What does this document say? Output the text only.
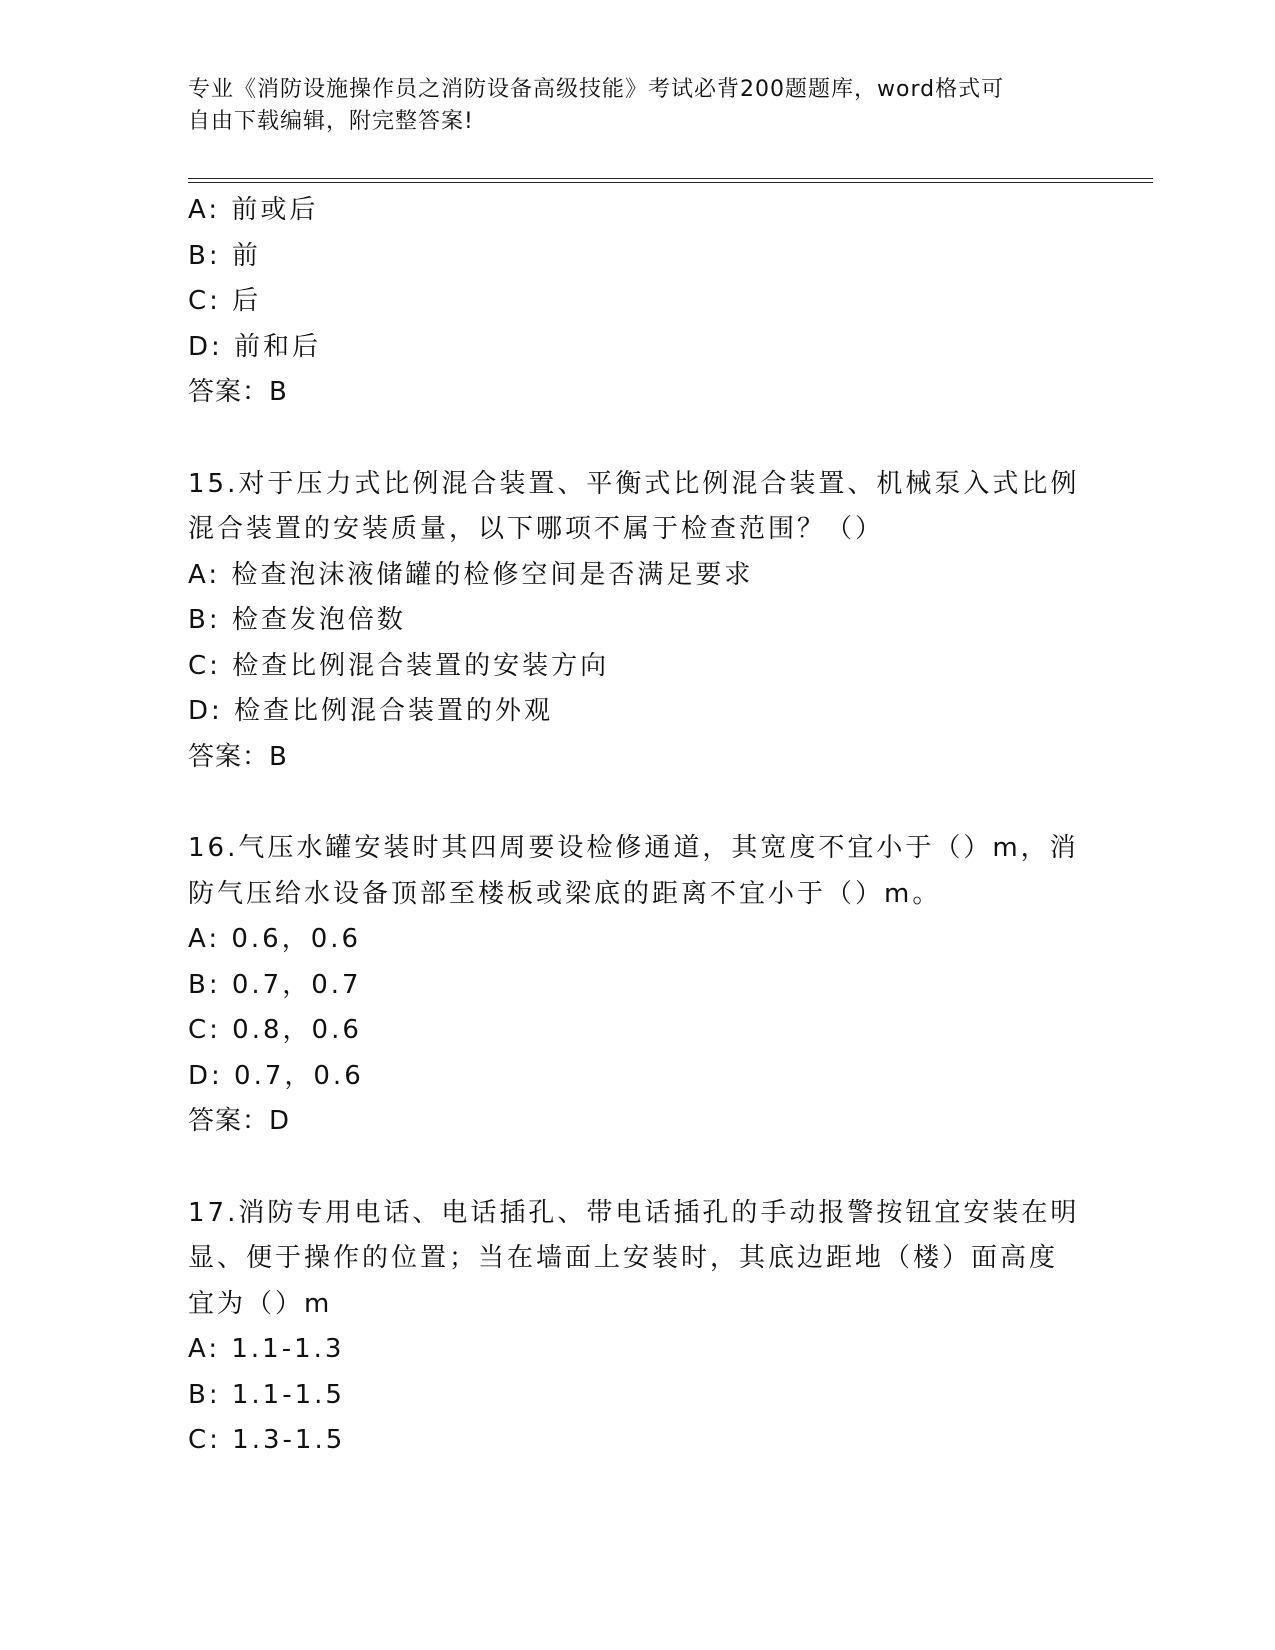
专业《消防设施操作员之消防设备高级技能》考试必背200题题库，word格式可
自由下载编辑，附完整答案!
A: 前或后
B: 前
C: 后
D: 前和后
答案：B
15.对于压力式比例混合装置、平衡式比例混合装置、机械泵入式比例
混合装置的安装质量，以下哪项不属于检查范围？（）
A: 检查泡沫液储罐的检修空间是否满足要求
B: 检查发泡倍数
C: 检查比例混合装置的安装方向
D: 检查比例混合装置的外观
答案：B
16.气压水罐安装时其四周要设检修通道，其宽度不宜小于（）m，消
防气压给水设备顶部至楼板或梁底的距离不宜小于（）m。
A: 0.6，0.6
B: 0.7，0.7
C: 0.8，0.6
D: 0.7，0.6
答案：D
17.消防专用电话、电话插孔、带电话插孔的手动报警按钮宜安装在明
显、便于操作的位置；当在墙面上安装时，其底边距地（楼）面高度
宜为（）m
A: 1.1-1.3
B: 1.1-1.5
C: 1.3-1.5
